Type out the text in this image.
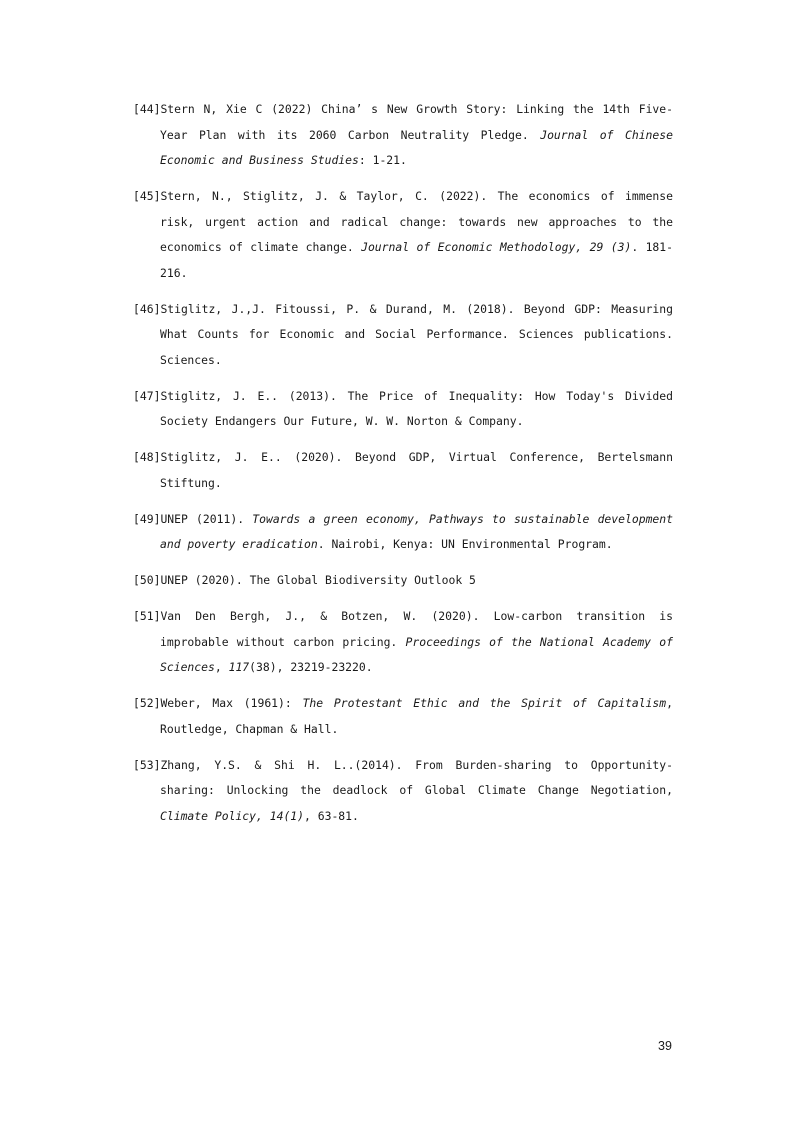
[44]Stern N, Xie C (2022) China’ s New Growth Story: Linking the 14th Five-Year Plan with its 2060 Carbon Neutrality Pledge. Journal of Chinese Economic and Business Studies: 1-21.

[45]Stern, N., Stiglitz, J. & Taylor, C. (2022). The economics of immense risk, urgent action and radical change: towards new approaches to the economics of climate change. Journal of Economic Methodology, 29 (3). 181-216.

[46]Stiglitz, J.,J. Fitoussi, P. & Durand, M. (2018). Beyond GDP: Measuring What Counts for Economic and Social Performance. Sciences publications. Sciences.

[47]Stiglitz, J. E.. (2013). The Price of Inequality: How Today's Divided Society Endangers Our Future, W. W. Norton & Company.

[48]Stiglitz, J. E.. (2020). Beyond GDP, Virtual Conference, Bertelsmann Stiftung.

[49]UNEP (2011). Towards a green economy, Pathways to sustainable development and poverty eradication. Nairobi, Kenya: UN Environmental Program.

[50]UNEP (2020). The Global Biodiversity Outlook 5

[51]Van Den Bergh, J., & Botzen, W. (2020). Low-carbon transition is improbable without carbon pricing. Proceedings of the National Academy of Sciences, 117(38), 23219-23220.

[52]Weber, Max (1961): The Protestant Ethic and the Spirit of Capitalism, Routledge, Chapman & Hall.

[53]Zhang, Y.S. & Shi H. L..(2014). From Burden-sharing to Opportunity-sharing: Unlocking the deadlock of Global Climate Change Negotiation, Climate Policy, 14(1), 63-81.

39
